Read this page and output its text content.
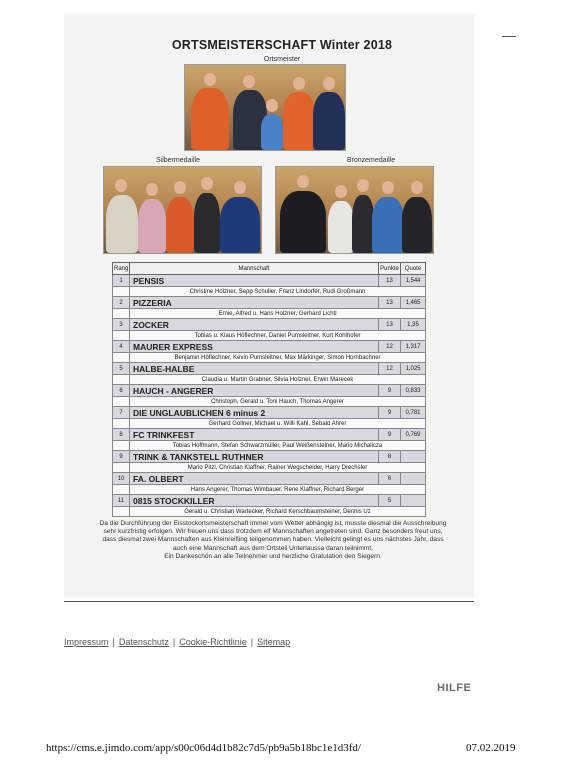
ORTSMEISTERSCHAFT Winter 2018
Ortsmeister
Silbermedaille	Bronzemedaille
Rang	Mannschaft	Punkte	Quote
1	PENSIS	13	1,544
	Christine Holzner, Sepp Schuller, Franz Lindorfer, Rudi Großmann		
2	PIZZERIA	13	1,465
	Ernie, Alfred u. Hans Holzner, Gerhard Lichtl		
3	ZOCKER	13	1,35
	Tobias u. Klaus Höflechner, Daniel Pumsleitner, Kurt Kohlhofer		
4	MAURER EXPRESS	12	1,317
	Benjamin Höflechner, Kevin Pumsleitner, Max Märkinger, Simon Hornbachner		
5	HALBE-HALBE	12	1,025
	Claudia u. Martin Grabner, Silvia Holzner, Erwin Marecek		
6	HAUCH - ANGERER	9	0,833
	Christoph, Gerald u. Toni Hauch, Thomas Angerer		
7	DIE UNGLAUBLICHEN 6 minus 2	9	0,781
	Gerhard Gollner, Michael u. Willi Kahl, Sebald Ahrer		
8	FC TRINKFEST	9	0,769
	Tobias Hoffmann, Stefan Schwarzmüller, Paul Weißensteiner, Mario Michalicza		
9	TRINK & TANKSTELL RUTHNER	8	
	Mario Pitzl, Christian Klaffner, Rainer Wegscheider, Harry Drechsler		
10	FA. OLBERT	6	
	Hans Angerer, Thomas Wimbauer, Rene Klaffner, Richard Berger		
11	0815 STOCKKILLER	5	
	Gerald u. Christian Wartecker, Richard Kerschbaumsteiner, Dennis Uz		
Da die Durchführung der Eisstockortsmeisterschaft immer vom Wetter abhängig ist, musste diesmal die Ausschreibung
sehr kurzfristig erfolgen. Wir freuen uns dass trotzdem elf Mannschaften angetreten sind. Ganz besonders freut uns,
dass diesmal zwei Mannschaften aus Kleinreifling teilgenommen haben. Vielleicht gelingt es uns nächstes Jahr, dass
auch eine Mannschaft aus dem Ortsteil Unterlaussa daran teilnimmt.
Ein Dankeschön an alle Teilnehmer und herzliche Gratulation den Siegern.
Impressum | Datenschutz | Cookie-Richtlinie | Sitemap
HILFE
https://cms.e.jimdo.com/app/s00c06d4d1b82c7d5/pb9a5b18bc1e1d3fd/	07.02.2019
